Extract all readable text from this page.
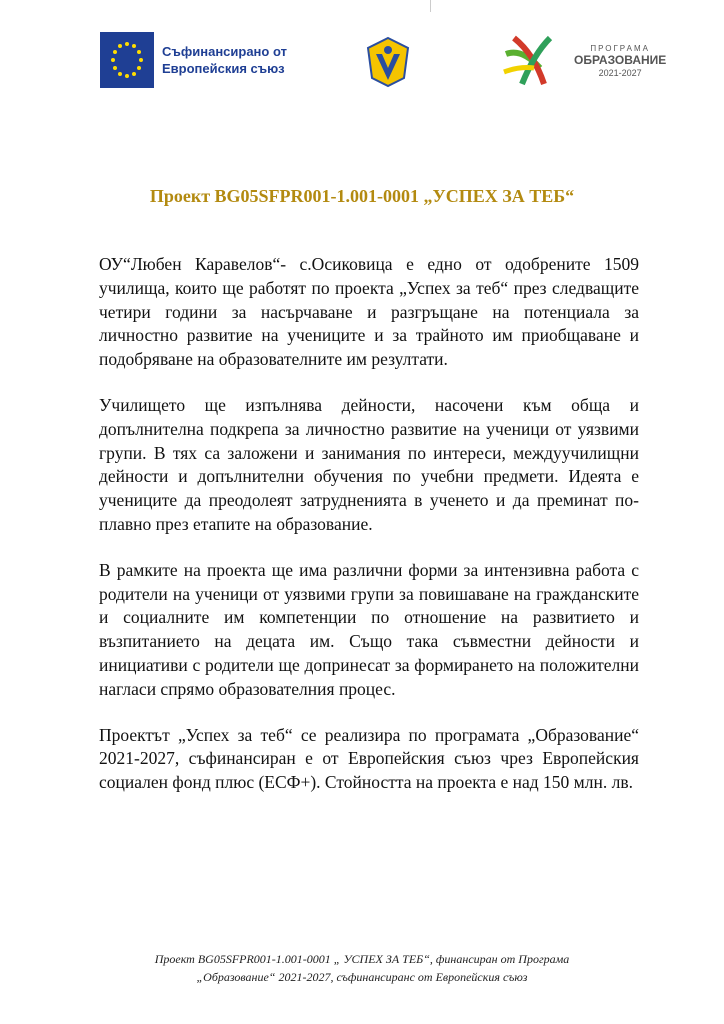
Съфинансирано от
Европейския съюз
ПРОГРАМА
ОБРАЗОВАНИЕ
2021-2027
Проект BG05SFPR001-1.001-0001 „УСПЕХ ЗА ТЕБ“

ОУ“Любен Каравелов“- с.Осиковица е едно от одобрените 1509 училища, които ще работят по проекта „Успех за теб“ през следващите четири години за насърчаване и разгръщане на потенциала за личностно развитие на учениците и за трайното им приобщаване и подобряване на образователните им резултати.

Училището ще изпълнява дейности, насочени към обща и допълнителна подкрепа за личностно развитие на ученици от уязвими групи. В тях са заложени и занимания по интереси, междуучилищни дейности и допълнителни обучения по учебни предмети. Идеята е учениците да преодолеят затрудненията в ученето и да преминат по-плавно през етапите на образование.

В рамките на проекта ще има различни форми за интензивна работа с родители на ученици от уязвими групи за повишаване на гражданските и социалните им компетенции по отношение на развитието и възпитанието на децата им. Също така съвместни дейности и инициативи с родители ще допринесат за формирането на положителни нагласи спрямо образователния процес.

Проектът „Успех за теб“ се реализира по програмата „Образование“ 2021-2027, съфинансиран е от Европейския съюз чрез Европейския социален фонд плюс (ЕСФ+). Стойността на проекта е над 150 млн. лв.

Проект BG05SFPR001-1.001-0001 „ УСПЕХ ЗА ТЕБ“, финансиран от Програма
„Образование“ 2021-2027, съфинансиранс от Европейския съюз
